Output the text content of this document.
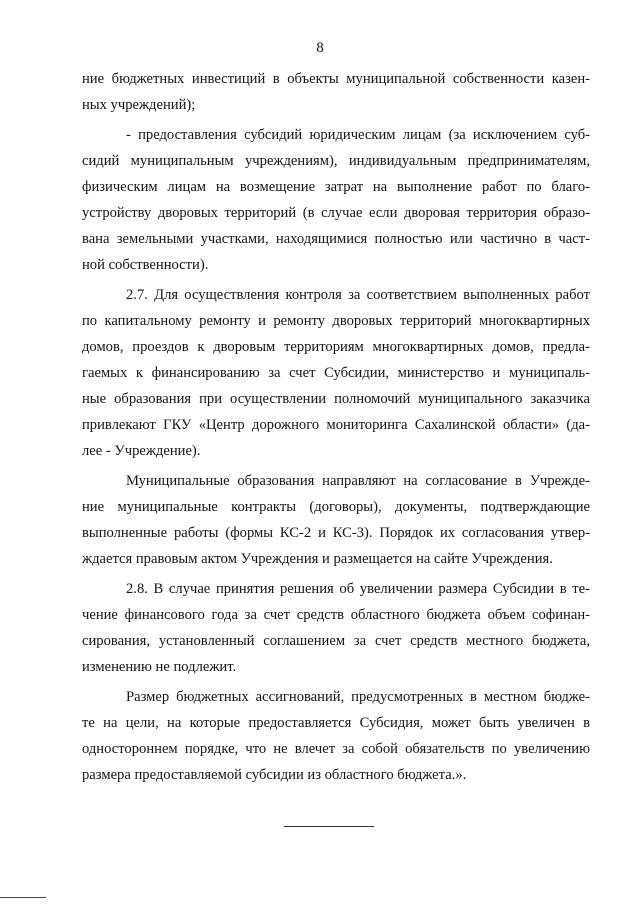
8
ние бюджетных инвестиций в объекты муниципальной собственности казен-
ных учреждений);
- предоставления субсидий юридическим лицам (за исключением суб-
сидий муниципальным учреждениям), индивидуальным предпринимателям,
физическим лицам на возмещение затрат на выполнение работ по благо-
устройству дворовых территорий (в случае если дворовая территория образо-
вана земельными участками, находящимися полностью или частично в част-
ной собственности).
2.7. Для осуществления контроля за соответствием выполненных работ
по капитальному ремонту и ремонту дворовых территорий многоквартирных
домов, проездов к дворовым территориям многоквартирных домов, предла-
гаемых к финансированию за счет Субсидии, министерство и муниципаль-
ные образования при осуществлении полномочий муниципального заказчика
привлекают ГКУ «Центр дорожного мониторинга Сахалинской области» (да-
лее - Учреждение).
Муниципальные образования направляют на согласование в Учрежде-
ние муниципальные контракты (договоры), документы, подтверждающие
выполненные работы (формы КС-2 и КС-3). Порядок их согласования утвер-
ждается правовым актом Учреждения и размещается на сайте Учреждения.
2.8. В случае принятия решения об увеличении размера Субсидии в те-
чение финансового года за счет средств областного бюджета объем софинан-
сирования, установленный соглашением за счет средств местного бюджета,
изменению не подлежит.
Размер бюджетных ассигнований, предусмотренных в местном бюдже-
те на цели, на которые предоставляется Субсидия, может быть увеличен в
одностороннем порядке, что не влечет за собой обязательств по увеличению
размера предоставляемой субсидии из областного бюджета.».
